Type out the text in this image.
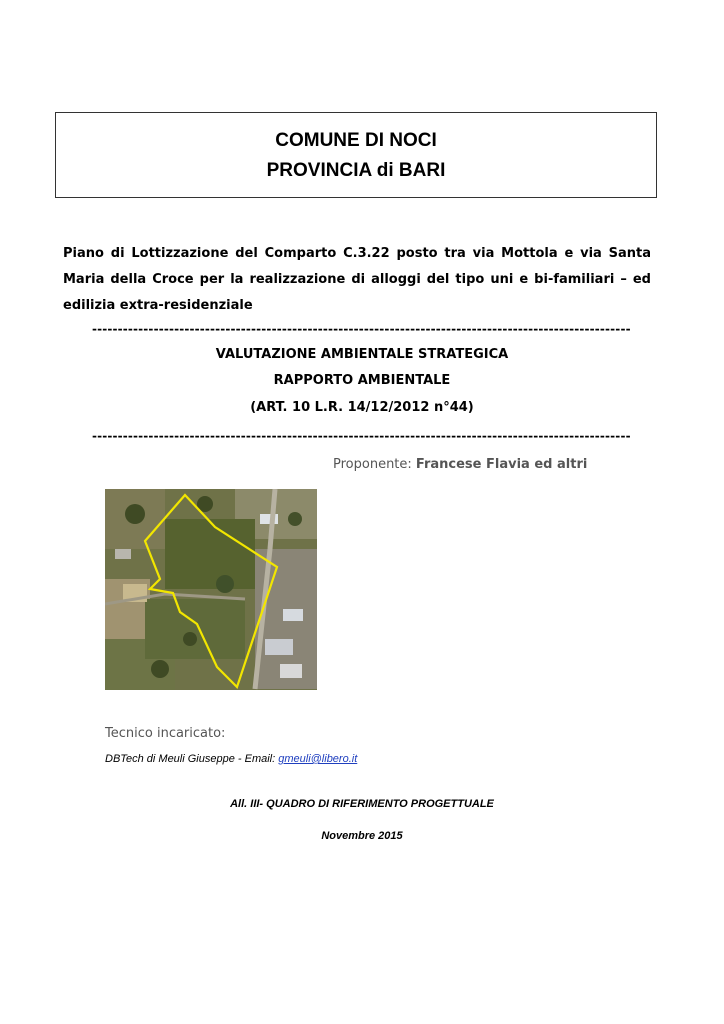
COMUNE DI NOCI
PROVINCIA di BARI
Piano di Lottizzazione del Comparto C.3.22 posto tra via Mottola e via Santa Maria della Croce per la realizzazione di alloggi del tipo uni e bi-familiari – ed edilizia extra-residenziale
---------------------------------------------------------------------------------------------------------
VALUTAZIONE AMBIENTALE STRATEGICA
RAPPORTO AMBIENTALE
(ART. 10 L.R. 14/12/2012 n°44)
---------------------------------------------------------------------------------------------------------
Proponente: Francese Flavia ed altri
Tecnico incaricato:
DBTech di Meuli Giuseppe - Email: gmeuli@libero.it
All. III- QUADRO DI RIFERIMENTO PROGETTUALE
Novembre 2015
